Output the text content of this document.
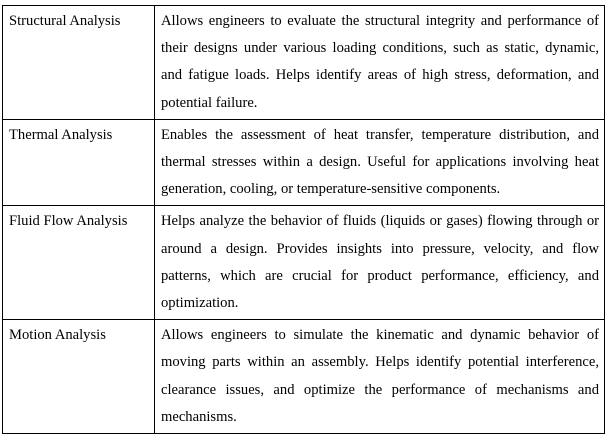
Structural Analysis	Allows engineers to evaluate the structural integrity and performance of their designs under various loading conditions, such as static, dynamic, and fatigue loads. Helps identify areas of high stress, deformation, and potential failure.
Thermal Analysis	Enables the assessment of heat transfer, temperature distribution, and thermal stresses within a design. Useful for applications involving heat generation, cooling, or temperature-sensitive components.
Fluid Flow Analysis	Helps analyze the behavior of fluids (liquids or gases) flowing through or around a design. Provides insights into pressure, velocity, and flow patterns, which are crucial for product performance, efficiency, and optimization.
Motion Analysis	Allows engineers to simulate the kinematic and dynamic behavior of moving parts within an assembly. Helps identify potential interference, clearance issues, and optimize the performance of mechanisms and mechanisms.
